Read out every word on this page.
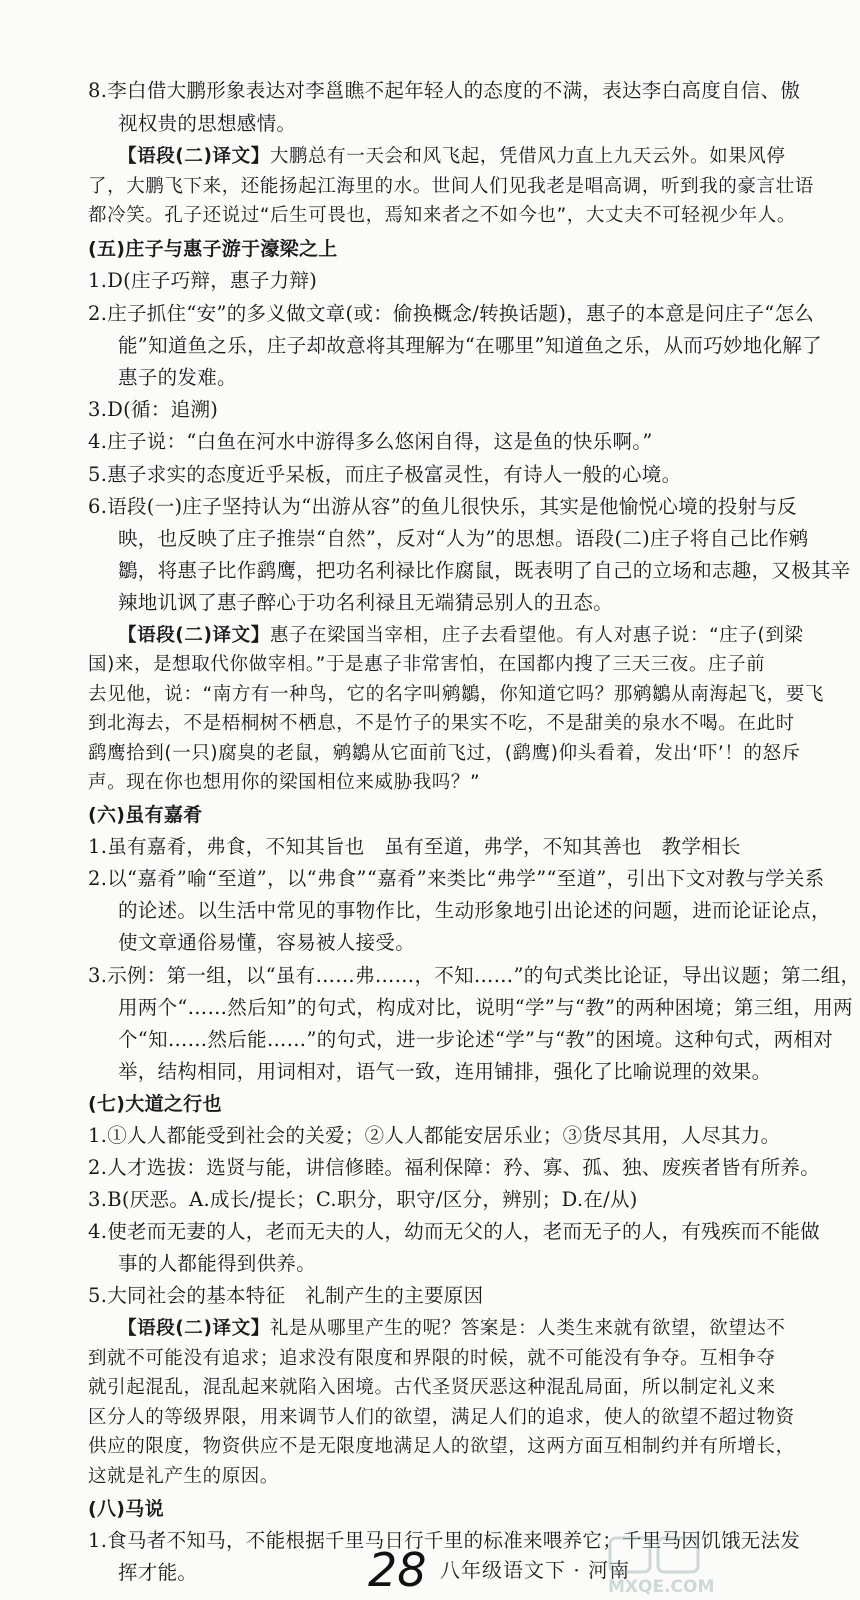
8.李白借大鹏形象表达对李邕瞧不起年轻人的态度的不满，表达李白高度自信、傲
视权贵的思想感情。
【语段(二)译文】大鹏总有一天会和风飞起，凭借风力直上九天云外。如果风停
了，大鹏飞下来，还能扬起江海里的水。世间人们见我老是唱高调，听到我的豪言壮语
都冷笑。孔子还说过“后生可畏也，焉知来者之不如今也”，大丈夫不可轻视少年人。
(五)庄子与惠子游于濠梁之上
1.D(庄子巧辩，惠子力辩)
2.庄子抓住“安”的多义做文章(或：偷换概念/转换话题)，惠子的本意是问庄子“怎么
能”知道鱼之乐，庄子却故意将其理解为“在哪里”知道鱼之乐，从而巧妙地化解了
惠子的发难。
3.D(循：追溯)
4.庄子说：“白鱼在河水中游得多么悠闲自得，这是鱼的快乐啊。”
5.惠子求实的态度近乎呆板，而庄子极富灵性，有诗人一般的心境。
6.语段(一)庄子坚持认为“出游从容”的鱼儿很快乐，其实是他愉悦心境的投射与反
映，也反映了庄子推崇“自然”，反对“人为”的思想。语段(二)庄子将自己比作鹓
鶵，将惠子比作鹞鹰，把功名利禄比作腐鼠，既表明了自己的立场和志趣，又极其辛
辣地讥讽了惠子醉心于功名利禄且无端猜忌别人的丑态。
【语段(二)译文】惠子在梁国当宰相，庄子去看望他。有人对惠子说：“庄子(到梁
国)来，是想取代你做宰相。”于是惠子非常害怕，在国都内搜了三天三夜。庄子前
去见他，说：“南方有一种鸟，它的名字叫鹓鶵，你知道它吗？那鹓鶵从南海起飞，要飞
到北海去，不是梧桐树不栖息，不是竹子的果实不吃，不是甜美的泉水不喝。在此时
鹞鹰拾到(一只)腐臭的老鼠，鹓鶵从它面前飞过，(鹞鹰)仰头看着，发出‘吓’！的怒斥
声。现在你也想用你的梁国相位来威胁我吗？”
(六)虽有嘉肴
1.虽有嘉肴，弗食，不知其旨也　虽有至道，弗学，不知其善也　教学相长
2.以“嘉肴”喻“至道”，以“弗食”“嘉肴”来类比“弗学”“至道”，引出下文对教与学关系
的论述。以生活中常见的事物作比，生动形象地引出论述的问题，进而论证论点，
使文章通俗易懂，容易被人接受。
3.示例：第一组，以“虽有……弗……，不知……”的句式类比论证，导出议题；第二组，
用两个“……然后知”的句式，构成对比，说明“学”与“教”的两种困境；第三组，用两
个“知……然后能……”的句式，进一步论述“学”与“教”的困境。这种句式，两相对
举，结构相同，用词相对，语气一致，连用铺排，强化了比喻说理的效果。
(七)大道之行也
1.①人人都能受到社会的关爱；②人人都能安居乐业；③货尽其用，人尽其力。
2.人才选拔：选贤与能，讲信修睦。福利保障：矜、寡、孤、独、废疾者皆有所养。
3.B(厌恶。A.成长/提长；C.职分，职守/区分，辨别；D.在/从)
4.使老而无妻的人，老而无夫的人，幼而无父的人，老而无子的人，有残疾而不能做
事的人都能得到供养。
5.大同社会的基本特征　礼制产生的主要原因
【语段(二)译文】礼是从哪里产生的呢？答案是：人类生来就有欲望，欲望达不
到就不可能没有追求；追求没有限度和界限的时候，就不可能没有争夺。互相争夺
就引起混乱，混乱起来就陷入困境。古代圣贤厌恶这种混乱局面，所以制定礼义来
区分人的等级界限，用来调节人们的欲望，满足人们的追求，使人的欲望不超过物资
供应的限度，物资供应不是无限度地满足人的欲望，这两方面互相制约并有所增长，
这就是礼产生的原因。
(八)马说
1.食马者不知马，不能根据千里马日行千里的标准来喂养它；千里马因饥饿无法发
挥才能。	28 八年级语文下 · 河南
MXQE.COM
